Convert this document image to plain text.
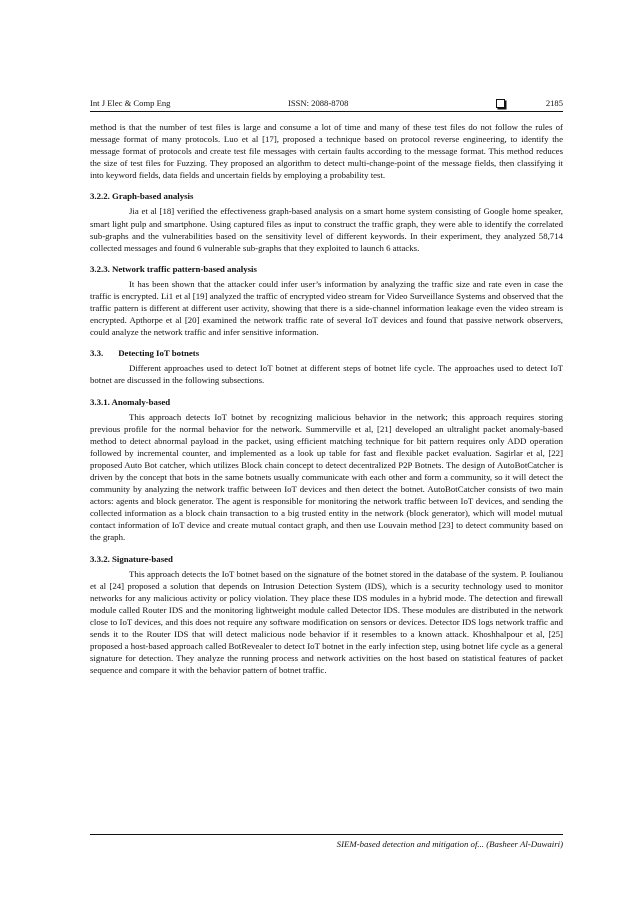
Int J Elec & Comp Eng	ISSN: 2088-8708	2185

method is that the number of test files is large and consume a lot of time and many of these test files do not follow the rules of message format of many protocols. Luo et al [17], proposed a technique based on protocol reverse engineering, to identify the message format of protocols and create test file messages with certain faults according to the message format. This method reduces the size of test files for Fuzzing. They proposed an algorithm to detect multi-change-point of the message fields, then classifying it into keyword fields, data fields and uncertain fields by employing a probability test.

3.2.2. Graph-based analysis

Jia et al [18] verified the effectiveness graph-based analysis on a smart home system consisting of Google home speaker, smart light pulp and smartphone. Using captured files as input to construct the traffic graph, they were able to identify the correlated sub-graphs and the vulnerabilities based on the sensitivity level of different keywords. In their experiment, they analyzed 58,714 collected messages and found 6 vulnerable sub-graphs that they exploited to launch 6 attacks.

3.2.3. Network traffic pattern-based analysis

It has been shown that the attacker could infer user’s information by analyzing the traffic size and rate even in case the traffic is encrypted. Li1 et al [19] analyzed the traffic of encrypted video stream for Video Surveillance Systems and observed that the traffic pattern is different at different user activity, showing that there is a side-channel information leakage even the video stream is encrypted. Apthorpe et al [20] examined the network traffic rate of several IoT devices and found that passive network observers, could analyze the network traffic and infer sensitive information.

3.3. Detecting IoT botnets

Different approaches used to detect IoT botnet at different steps of botnet life cycle. The approaches used to detect IoT botnet are discussed in the following subsections.

3.3.1. Anomaly-based

This approach detects IoT botnet by recognizing malicious behavior in the network; this approach requires storing previous profile for the normal behavior for the network. Summerville et al, [21] developed an ultralight packet anomaly-based method to detect abnormal payload in the packet, using efficient matching technique for bit pattern requires only ADD operation followed by incremental counter, and implemented as a look up table for fast and flexible packet evaluation. Sagirlar et al, [22] proposed Auto Bot catcher, which utilizes Block chain concept to detect decentralized P2P Botnets. The design of AutoBotCatcher is driven by the concept that bots in the same botnets usually communicate with each other and form a community, so it will detect the community by analyzing the network traffic between IoT devices and then detect the botnet. AutoBotCatcher consists of two main actors: agents and block generator. The agent is responsible for monitoring the network traffic between IoT devices, and sending the collected information as a block chain transaction to a big trusted entity in the network (block generator), which will model mutual contact information of IoT device and create mutual contact graph, and then use Louvain method [23] to detect community based on the graph.

3.3.2. Signature-based

This approach detects the IoT botnet based on the signature of the botnet stored in the database of the system. P. Ioulianou et al [24] proposed a solution that depends on Intrusion Detection System (IDS), which is a security technology used to monitor networks for any malicious activity or policy violation. They place these IDS modules in a hybrid mode. The detection and firewall module called Router IDS and the monitoring lightweight module called Detector IDS. These modules are distributed in the network close to IoT devices, and this does not require any software modification on sensors or devices. Detector IDS logs network traffic and sends it to the Router IDS that will detect malicious node behavior if it resembles to a known attack. Khoshhalpour et al, [25] proposed a host-based approach called BotRevealer to detect IoT botnet in the early infection step, using botnet life cycle as a general signature for detection. They analyze the running process and network activities on the host based on statistical features of packet sequence and compare it with the behavior pattern of botnet traffic.

SIEM-based detection and mitigation of... (Basheer Al-Duwairi)
